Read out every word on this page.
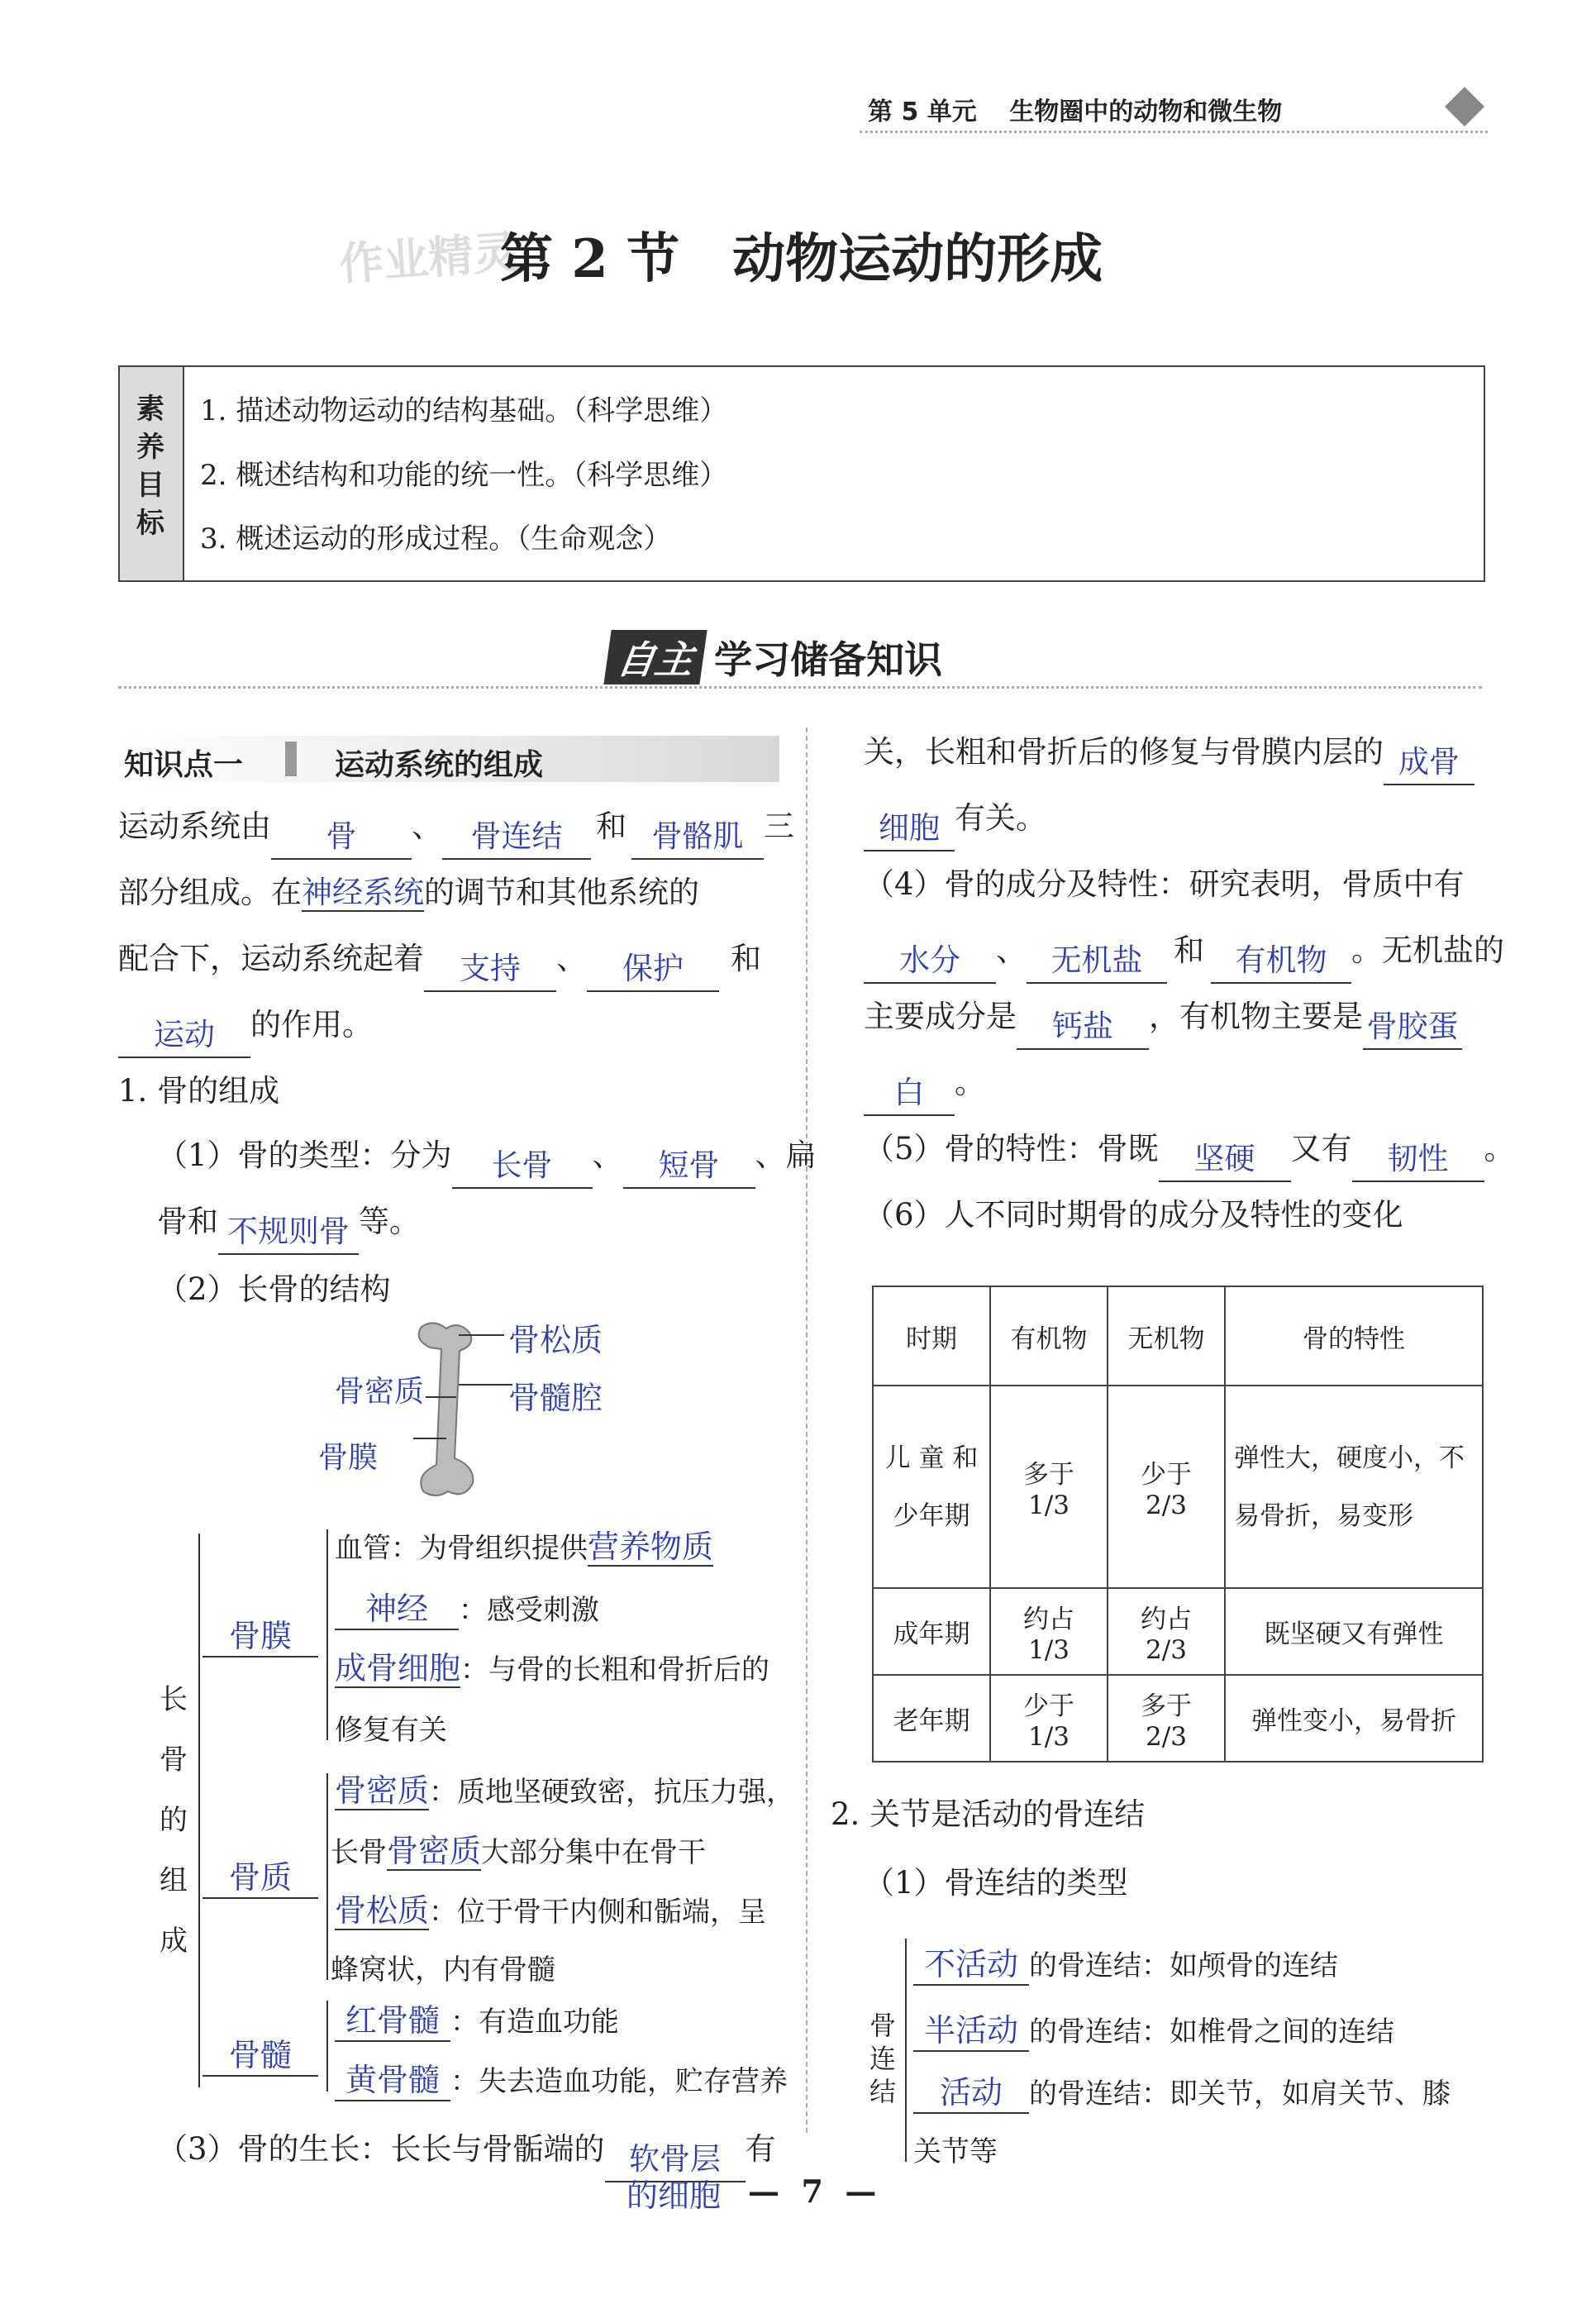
第 5 单元 生物圈中的动物和微生物
作业精灵
第 2 节　动物运动的形成
素养目标
1. 描述动物运动的结构基础。（科学思维）
2. 概述结构和功能的统一性。（科学思维）
3. 概述运动的形成过程。（生命观念）
自主 学习储备知识
知识点一	运动系统的组成
运动系统由 骨 、 骨连结 和 骨骼肌 三
部分组成。在神经系统的调节和其他系统的
配合下，运动系统起着 支持 、 保护 和
运动 的作用。
1. 骨的组成
（1）骨的类型：分为 长骨 、 短骨 、扁
骨和 不规则骨 等。
（2）长骨的结构
骨松质
骨密质	骨髓腔
骨膜
长骨的组成
骨膜
血管：为骨组织提供营养物质
神经 ：感受刺激
成骨细胞：与骨的长粗和骨折后的
修复有关
骨质
骨密质：质地坚硬致密，抗压力强，
长骨骨密质大部分集中在骨干
骨松质：位于骨干内侧和骺端，呈
蜂窝状，内有骨髓
骨髓
红骨髓 ：有造血功能
黄骨髓 ：失去造血功能，贮存营养
（3）骨的生长：长长与骨骺端的 软骨层 有
的细胞 —  7  —
关，长粗和骨折后的修复与骨膜内层的 成骨
细胞 有关。
（4）骨的成分及特性：研究表明，骨质中有
水分 、 无机盐 和 有机物 。无机盐的
主要成分是 钙盐 ，有机物主要是 骨胶蛋
白 。
（5）骨的特性：骨既 坚硬 又有 韧性 。
（6）人不同时期骨的成分及特性的变化
时期	有机物	无机物	骨的特性
儿 童 和 少年期	多于 1/3	少于 2/3	弹性大，硬度小，不易骨折，易变形
成年期	约占 1/3	约占 2/3	既坚硬又有弹性
老年期	少于 1/3	多于 2/3	弹性变小，易骨折
2. 关节是活动的骨连结
（1）骨连结的类型
骨连结
不活动 的骨连结：如颅骨的连结
半活动 的骨连结：如椎骨之间的连结
活动 的骨连结：即关节，如肩关节、膝
关节等
